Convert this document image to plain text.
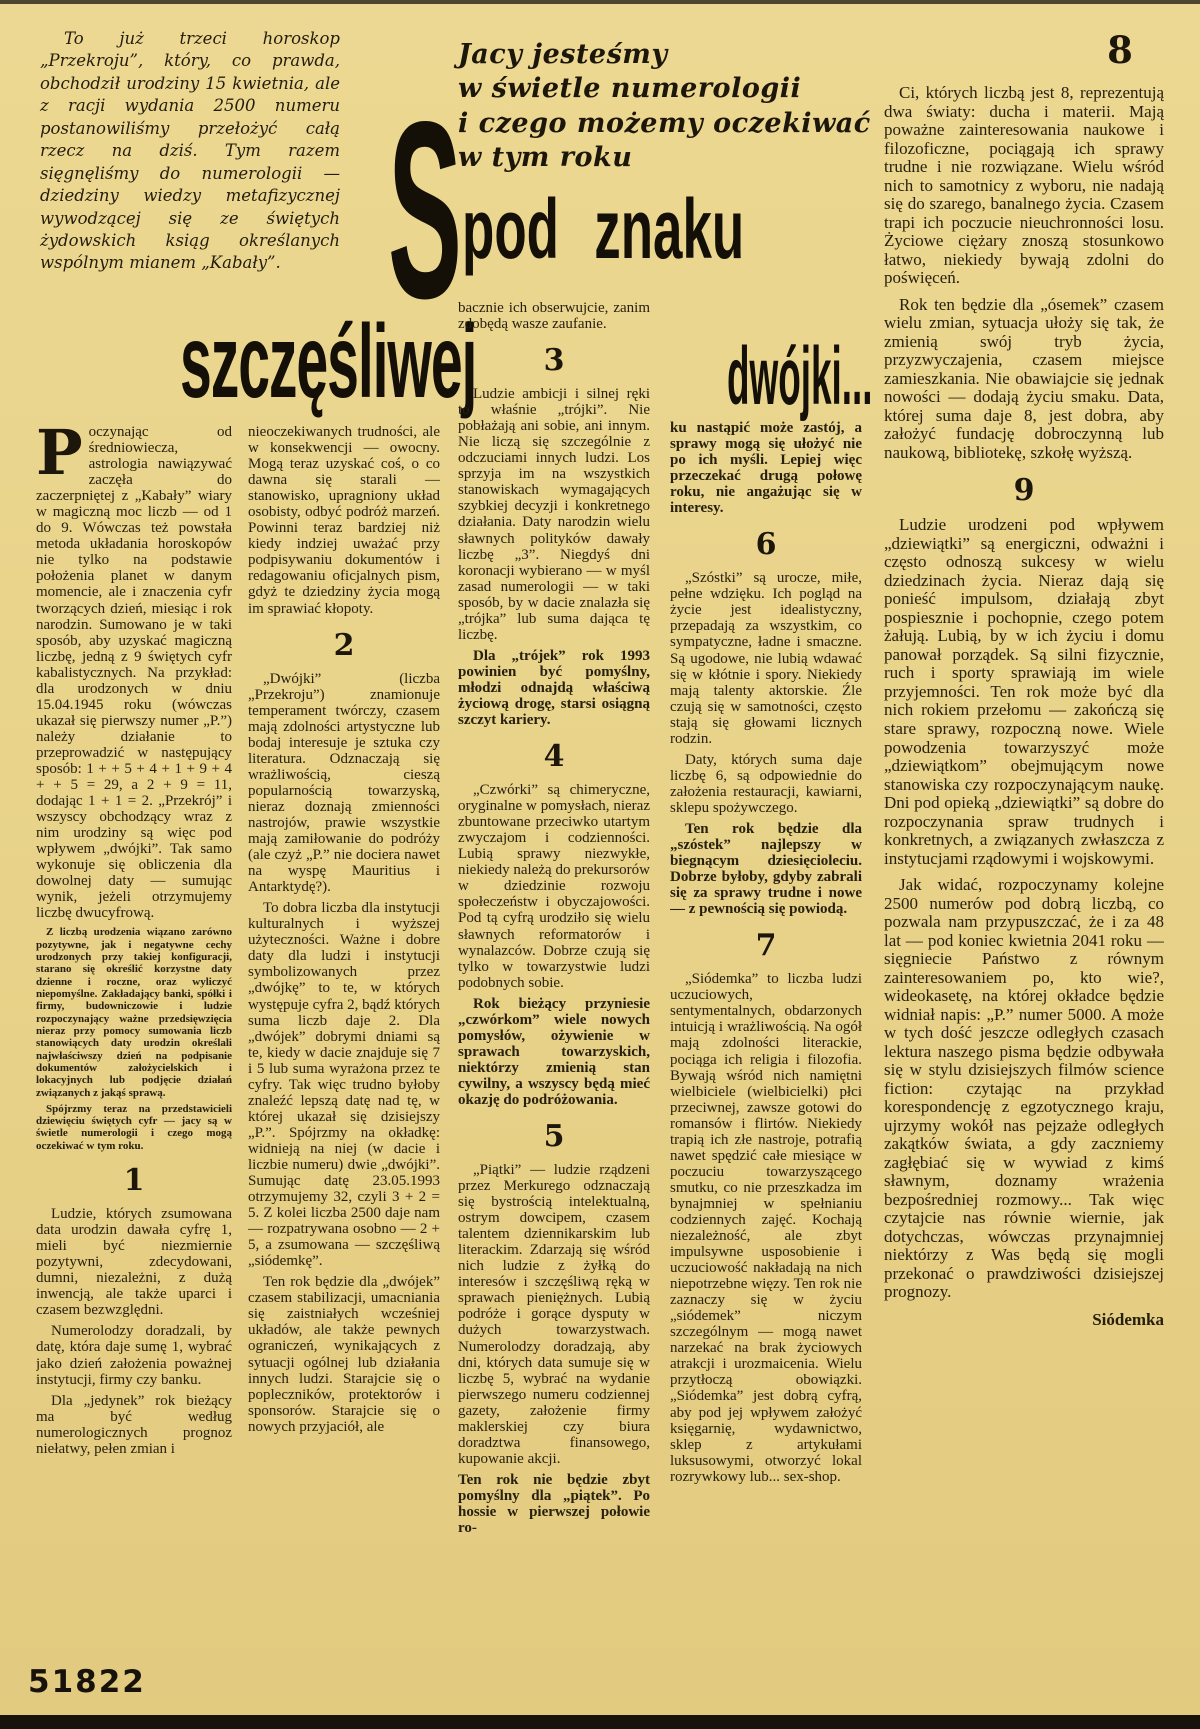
To już trzeci horoskop „Przekroju”, który, co prawda, obchodził urodziny 15 kwietnia, ale z racji wydania 2500 numeru postanowiliśmy przełożyć całą rzecz na dziś. Tym razem sięgnęliśmy do numerologii — dziedziny wiedzy metafizycznej wywodzącej się ze świętych żydowskich ksiąg określanych wspólnym mianem „Kabały”.
Jacy jesteśmy
w świetle numerologii
i czego możemy oczekiwać
w tym roku
S pod znaku
szczęśliwej	dwójki...
8
Poczynając od średniowiecza, astrologia nawiązywać zaczęła do zaczerpniętej z „Kabały” wiary w magiczną moc liczb — od 1 do 9. Wówczas też powstała metoda układania horoskopów nie tylko na podstawie położenia planet w danym momencie, ale i znaczenia cyfr tworzących dzień, miesiąc i rok narodzin. Sumowano je w taki sposób, aby uzyskać magiczną liczbę, jedną z 9 świętych cyfr kabalistycznych. Na przykład: dla urodzonych w dniu 15.04.1945 roku (wówczas ukazał się pierwszy numer „P.”) należy działanie to przeprowadzić w następujący sposób: 1 + + 5 + 4 + 1 + 9 + 4 + + 5 = 29, a 2 + 9 = 11, dodając 1 + 1 = 2. „Przekrój” i wszyscy obchodzący wraz z nim urodziny są więc pod wpływem „dwójki”. Tak samo wykonuje się obliczenia dla dowolnej daty — sumując wynik, jeżeli otrzymujemy liczbę dwucyfrową.
Z liczbą urodzenia wiązano zarówno pozytywne, jak i negatywne cechy urodzonych przy takiej konfiguracji, starano się określić korzystne daty dzienne i roczne, oraz wyliczyć niepomyślne. Zakładający banki, spółki i firmy, budowniczowie i ludzie rozpoczynający ważne przedsięwzięcia nieraz przy pomocy sumowania liczb stanowiących daty urodzin określali najwłaściwszy dzień na podpisanie dokumentów założycielskich i lokacyjnych lub podjęcie działań związanych z jakąś sprawą.
Spójrzmy teraz na przedstawicieli dziewięciu świętych cyfr — jacy są w świetle numerologii i czego mogą oczekiwać w tym roku.
1
Ludzie, których zsumowana data urodzin dawała cyfrę 1, mieli być niezmiernie pozytywni, zdecydowani, dumni, niezależni, z dużą inwencją, ale także uparci i czasem bezwzględni.
Numerolodzy doradzali, by datę, która daje sumę 1, wybrać jako dzień założenia poważnej instytucji, firmy czy banku.
Dla „jedynek” rok bieżący ma być według numerologicznych prognoz niełatwy, pełen zmian i
nieoczekiwanych trudności, ale w konsekwencji — owocny. Mogą teraz uzyskać coś, o co dawna się starali — stanowisko, upragniony układ osobisty, odbyć podróż marzeń. Powinni teraz bardziej niż kiedy indziej uważać przy podpisywaniu dokumentów i redagowaniu oficjalnych pism, gdyż te dziedziny życia mogą im sprawiać kłopoty.
2
„Dwójki” (liczba „Przekroju”) znamionuje temperament twórczy, czasem mają zdolności artystyczne lub bodaj interesuje je sztuka czy literatura. Odznaczają się wrażliwością, cieszą popularnością towarzyską, nieraz doznają zmienności nastrojów, prawie wszystkie mają zamiłowanie do podróży (ale czyż „P.” nie dociera nawet na wyspę Mauritius i Antarktydę?).
To dobra liczba dla instytucji kulturalnych i wyższej użyteczności. Ważne i dobre daty dla ludzi i instytucji symbolizowanych przez „dwójkę” to te, w których występuje cyfra 2, bądź których suma liczb daje 2. Dla „dwójek” dobrymi dniami są te, kiedy w dacie znajduje się 7 i 5 lub suma wyrażona przez te cyfry. Tak więc trudno byłoby znaleźć lepszą datę nad tę, w której ukazał się dzisiejszy „P.”. Spójrzmy na okładkę: widnieją na niej (w dacie i liczbie numeru) dwie „dwójki”. Sumując datę 23.05.1993 otrzymujemy 32, czyli 3 + 2 = 5. Z kolei liczba 2500 daje nam — rozpatrywana osobno — 2 + 5, a zsumowana — szczęśliwą „siódemkę”.
Ten rok będzie dla „dwójek” czasem stabilizacji, umacniania się zaistniałych wcześniej układów, ale także pewnych ograniczeń, wynikających z sytuacji ogólnej lub działania innych ludzi. Starajcie się o popleczników, protektorów i sponsorów. Starajcie się o nowych przyjaciół, ale
bacznie ich obserwujcie, zanim zdobędą wasze zaufanie.
3
Ludzie ambicji i silnej ręki to właśnie „trójki”. Nie pobłażają ani sobie, ani innym. Nie liczą się szczególnie z odczuciami innych ludzi. Los sprzyja im na wszystkich stanowiskach wymagających szybkiej decyzji i konkretnego działania. Daty narodzin wielu sławnych polityków dawały liczbę „3”. Niegdyś dni koronacji wybierano — w myśl zasad numerologii — w taki sposób, by w dacie znalazła się „trójka” lub suma dająca tę liczbę.
Dla „trójek” rok 1993 powinien być pomyślny, młodzi odnajdą właściwą życiową drogę, starsi osiągną szczyt kariery.
4
„Czwórki” są chimeryczne, oryginalne w pomysłach, nieraz zbuntowane przeciwko utartym zwyczajom i codzienności. Lubią sprawy niezwykłe, niekiedy należą do prekursorów w dziedzinie rozwoju społeczeństw i obyczajowości. Pod tą cyfrą urodziło się wielu sławnych reformatorów i wynalazców. Dobrze czują się tylko w towarzystwie ludzi podobnych sobie.
Rok bieżący przyniesie „czwórkom” wiele nowych pomysłów, ożywienie w sprawach towarzyskich, niektórzy zmienią stan cywilny, a wszyscy będą mieć okazję do podróżowania.
5
„Piątki” — ludzie rządzeni przez Merkurego odznaczają się bystrością intelektualną, ostrym dowcipem, czasem talentem dziennikarskim lub literackim. Zdarzają się wśród nich ludzie z żyłką do interesów i szczęśliwą ręką w sprawach pieniężnych. Lubią podróże i gorące dysputy w dużych towarzystwach. Numerolodzy doradzają, aby dni, których data sumuje się w liczbę 5, wybrać na wydanie pierwszego numeru codziennej gazety, założenie firmy maklerskiej czy biura doradztwa finansowego, kupowanie akcji.
Ten rok nie będzie zbyt pomyślny dla „piątek”. Po hossie w pierwszej połowie ro-
ku nastąpić może zastój, a sprawy mogą się ułożyć nie po ich myśli. Lepiej więc przeczekać drugą połowę roku, nie angażując się w interesy.
6
„Szóstki” są urocze, miłe, pełne wdzięku. Ich pogląd na życie jest idealistyczny, przepadają za wszystkim, co sympatyczne, ładne i smaczne. Są ugodowe, nie lubią wdawać się w kłótnie i spory. Niekiedy mają talenty aktorskie. Źle czują się w samotności, często stają się głowami licznych rodzin.
Daty, których suma daje liczbę 6, są odpowiednie do założenia restauracji, kawiarni, sklepu spożywczego.
Ten rok będzie dla „szóstek” najlepszy w biegnącym dziesięcioleciu. Dobrze byłoby, gdyby zabrali się za sprawy trudne i nowe — z pewnością się powiodą.
7
„Siódemka” to liczba ludzi uczuciowych, sentymentalnych, obdarzonych intuicją i wrażliwością. Na ogół mają zdolności literackie, pociąga ich religia i filozofia. Bywają wśród nich namiętni wielbiciele (wielbicielki) płci przeciwnej, zawsze gotowi do romansów i flirtów. Niekiedy trapią ich złe nastroje, potrafią nawet spędzić całe miesiące w poczuciu towarzyszącego smutku, co nie przeszkadza im bynajmniej w spełnianiu codziennych zajęć. Kochają niezależność, ale zbyt impulsywne usposobienie i uczuciowość nakładają na nich niepotrzebne więzy. Ten rok nie zaznaczy się w życiu „siódemek” niczym szczególnym — mogą nawet narzekać na brak życiowych atrakcji i urozmaicenia. Wielu przytłoczą obowiązki. „Siódemka” jest dobrą cyfrą, aby pod jej wpływem założyć księgarnię, wydawnictwo, sklep z artykułami luksusowymi, otworzyć lokal rozrywkowy lub... sex-shop.
Ci, których liczbą jest 8, reprezentują dwa światy: ducha i materii. Mają poważne zainteresowania naukowe i filozoficzne, pociągają ich sprawy trudne i nie rozwiązane. Wielu wśród nich to samotnicy z wyboru, nie nadają się do szarego, banalnego życia. Czasem trapi ich poczucie nieuchronności losu. Życiowe ciężary znoszą stosunkowo łatwo, niekiedy bywają zdolni do poświęceń.
Rok ten będzie dla „ósemek” czasem wielu zmian, sytuacja ułoży się tak, że zmienią swój tryb życia, przyzwyczajenia, czasem miejsce zamieszkania. Nie obawiajcie się jednak nowości — dodają życiu smaku. Data, której suma daje 8, jest dobra, aby założyć fundację dobroczynną lub naukową, bibliotekę, szkołę wyższą.
9
Ludzie urodzeni pod wpływem „dziewiątki” są energiczni, odważni i często odnoszą sukcesy w wielu dziedzinach życia. Nieraz dają się ponieść impulsom, działają zbyt pospiesznie i pochopnie, czego potem żałują. Lubią, by w ich życiu i domu panował porządek. Są silni fizycznie, ruch i sporty sprawiają im wiele przyjemności. Ten rok może być dla nich rokiem przełomu — zakończą się stare sprawy, rozpoczną nowe. Wiele powodzenia towarzyszyć może „dziewiątkom” obejmującym nowe stanowiska czy rozpoczynającym naukę. Dni pod opieką „dziewiątki” są dobre do rozpoczynania spraw trudnych i konkretnych, a związanych zwłaszcza z instytucjami rządowymi i wojskowymi.
Jak widać, rozpoczynamy kolejne 2500 numerów pod dobrą liczbą, co pozwala nam przypuszczać, że i za 48 lat — pod koniec kwietnia 2041 roku — sięgniecie Państwo z równym zainteresowaniem po, kto wie?, wideokasetę, na której okładce będzie widniał napis: „P.” numer 5000. A może w tych dość jeszcze odległych czasach lektura naszego pisma będzie odbywała się w stylu dzisiejszych filmów science fiction: czytając na przykład korespondencję z egzotycznego kraju, ujrzymy wokół nas pejzaże odległych zakątków świata, a gdy zaczniemy zagłębiać się w wywiad z kimś sławnym, doznamy wrażenia bezpośredniej rozmowy... Tak więc czytajcie nas równie wiernie, jak dotychczas, wówczas przynajmniej niektórzy z Was będą się mogli przekonać o prawdziwości dzisiejszej prognozy.
Siódemka
51822
